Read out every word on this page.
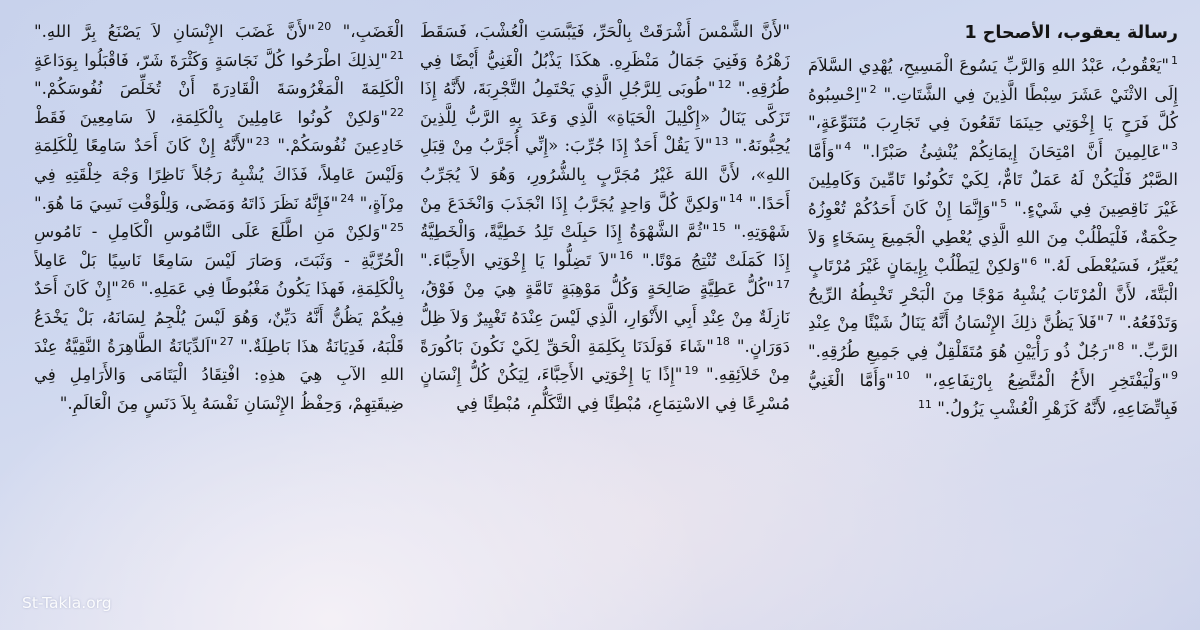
رسالة يعقوب، الأصحاح 1
$^1$"يَعْقُوبُ، عَبْدُ اللهِ وَالرَّبِّ يَسُوعَ الْمَسِيحِ، يُهْدِي السَّلاَمَ إِلَى الاثْنَيْ عَشَرَ سِبْطًا الَّذِينَ فِي الشَّتَاتِ." $^2$"اِحْسِبُوهُ كُلَّ فَرَحٍ يَا إِخْوَتِي حِينَمَا تَقَعُونَ فِي تَجَارِبَ مُتَنَوِّعَةٍ،" $^3$"عَالِمِينَ أَنَّ امْتِحَانَ إِيمَانِكُمْ يُنْشِئُ صَبْرًا." $^4$"وَأَمَّا الصَّبْرُ فَلْيَكُنْ لَهُ عَمَلٌ تَامٌّ، لِكَيْ تَكُونُوا تَامِّينَ وَكَامِلِينَ غَيْرَ نَاقِصِينَ فِي شَيْءٍ." $^5$"وَإِنَّمَا إِنْ كَانَ أَحَدُكُمْ تُعْوِزُهُ حِكْمَةٌ، فَلْيَطْلُبْ مِنَ اللهِ الَّذِي يُعْطِي الْجَمِيعَ بِسَخَاءٍ وَلاَ يُعَيِّرُ، فَسَيُعْطَى لَهُ." $^6$"وَلكِنْ لِيَطْلُبْ بِإِيمَانٍ غَيْرَ مُرْتَابٍ الْبَتَّةَ، لأَنَّ الْمُرْتَابَ يُشْبِهُ مَوْجًا مِنَ الْبَحْرِ تَخْبِطُهُ الرِّيحُ وَتَدْفَعُهُ." $^7$"فَلاَ يَظُنَّ ذلِكَ الإِنْسَانُ أَنَّهُ يَنَالُ شَيْئًا مِنْ عِنْدِ الرَّبِّ." $^8$"رَجُلٌ ذُو رَأْيَيْنِ هُوَ مُتَقَلْقِلٌ فِي جَمِيعِ طُرُقِهِ." $^9$"وَلْيَفْتَخِرِ الأَخُ الْمُتَّضِعُ بِارْتِفَاعِهِ،" $^{10}$"وَأَمَّا الْغَنِيُّ فَبِاتِّضَاعِهِ، لأَنَّهُ كَزَهْرِ الْعُشْبِ يَزُولُ." $^{11}$
"لأَنَّ الشَّمْسَ أَشْرَقَتْ بِالْحَرِّ، فَيَبَّسَتِ الْعُشْبَ، فَسَقَطَ زَهْرُهُ وَفَنِيَ جَمَالُ مَنْظَرِهِ. هكَذَا يَذْبُلُ الْغَنِيُّ أَيْضًا فِي طُرُقِهِ." $^{12}$"طُوبَى لِلرَّجُلِ الَّذِي يَحْتَمِلُ التَّجْرِبَةَ، لأَنَّهُ إِذَا تَزَكَّى يَنَالُ «إِكْلِيلَ الْحَيَاةِ» الَّذِي وَعَدَ بِهِ الرَّبُّ لِلَّذِينَ يُحِبُّونَهُ." $^{13}$"لاَ يَقُلْ أَحَدٌ إِذَا جُرِّبَ: «إِنِّي أُجَرَّبُ مِنْ قِبَلِ اللهِ»، لأَنَّ اللهَ غَيْرُ مُجَرَّبٍ بِالشُّرُورِ، وَهُوَ لاَ يُجَرِّبُ أَحَدًا." $^{14}$"وَلكِنَّ كُلَّ وَاحِدٍ يُجَرَّبُ إِذَا انْجَذَبَ وَانْخَدَعَ مِنْ شَهْوَتِهِ." $^{15}$"ثُمَّ الشَّهْوَةُ إِذَا حَبِلَتْ تَلِدُ خَطِيَّةً، وَالْخَطِيَّةُ إِذَا كَمَلَتْ تُنْتِجُ مَوْتًا." $^{16}$"لاَ تَضِلُّوا يَا إِخْوَتِي الأَحِبَّاءَ." $^{17}$"كُلُّ عَطِيَّةٍ صَالِحَةٍ وَكُلُّ مَوْهِبَةٍ تَامَّةٍ هِيَ مِنْ فَوْقُ، نَازِلَةٌ مِنْ عِنْدِ أَبِي الأَنْوَارِ، الَّذِي لَيْسَ عِنْدَهُ تَغْيِيرٌ وَلاَ ظِلُّ دَوَرَانٍ." $^{18}$"شَاءَ فَوَلَدَنَا بِكَلِمَةِ الْحَقِّ لِكَيْ نَكُونَ بَاكُورَةً مِنْ خَلاَئِقِهِ." $^{19}$"إِذًا يَا إِخْوَتِي الأَحِبَّاءَ، لِيَكُنْ كُلُّ إِنْسَانٍ مُسْرِعًا فِي الاسْتِمَاعِ، مُبْطِئًا فِي التَّكَلُّمِ، مُبْطِئًا فِي
الْغَضَبِ،" $^{20}$"لأَنَّ غَضَبَ الإِنْسَانِ لاَ يَصْنَعُ بِرَّ اللهِ." $^{21}$"لِذلِكَ اطْرَحُوا كُلَّ نَجَاسَةٍ وَكَثْرَةَ شَرّ، فَاقْبَلُوا بِوَدَاعَةٍ الْكَلِمَةَ الْمَغْرُوسَةَ الْقَادِرَةَ أَنْ تُخَلِّصَ نُفُوسَكُمْ." $^{22}$"وَلكِنْ كُونُوا عَامِلِينَ بِالْكَلِمَةِ، لاَ سَامِعِينَ فَقَطْ خَادِعِينَ نُفُوسَكُمْ." $^{23}$"لأَنَّهُ إِنْ كَانَ أَحَدٌ سَامِعًا لِلْكَلِمَةِ وَلَيْسَ عَامِلاً، فَذَاكَ يُشْبِهُ رَجُلاً نَاظِرًا وَجْهَ خِلْقَتِهِ فِي مِرْآةٍ،" $^{24}$"فَإِنَّهُ نَظَرَ ذَاتَهُ وَمَضَى، وَلِلْوَقْتِ نَسِيَ مَا هُوَ." $^{25}$"وَلكِنْ مَنِ اطَّلَعَ عَلَى النَّامُوسِ الْكَامِلِ - نَامُوسِ الْحُرِّيَّةِ - وَثَبَتَ، وَصَارَ لَيْسَ سَامِعًا نَاسِيًا بَلْ عَامِلاً بِالْكَلِمَةِ، فَهذَا يَكُونُ مَغْبُوطًا فِي عَمَلِهِ." $^{26}$"إِنْ كَانَ أَحَدٌ فِيكُمْ يَظُنُّ أَنَّهُ دَيِّنٌ، وَهُوَ لَيْسَ يُلْجِمُ لِسَانَهُ، بَلْ يَخْدَعُ قَلْبَهُ، فَدِيَانَةُ هذَا بَاطِلَةٌ." $^{27}$"اَلدِّيَانَةُ الطَّاهِرَةُ النَّقِيَّةُ عِنْدَ اللهِ الآبِ هِيَ هذِهِ: افْتِقَادُ الْيَتَامَى وَالأَرَامِلِ فِي ضِيقَتِهِمْ، وَحِفْظُ الإِنْسَانِ نَفْسَهُ بِلاَ دَنَسٍ مِنَ الْعَالَمِ."
St-Takla.org
